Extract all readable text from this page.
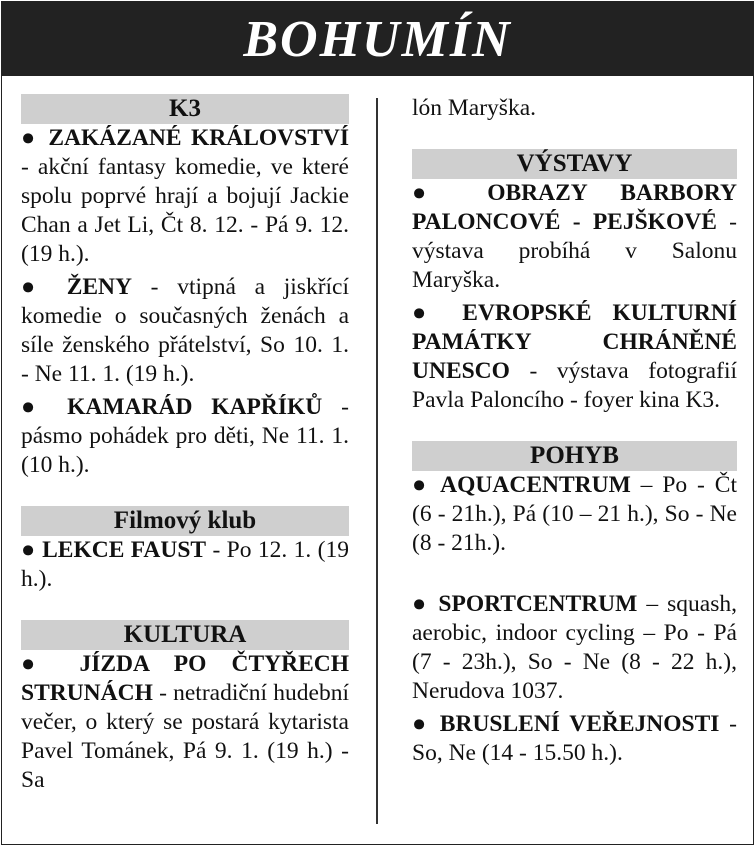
BOHUMÍN
K3

● ZAKÁZANÉ KRÁLOVSTVÍ - akční fantasy komedie, ve které spolu poprvé hrají a bojují Jackie Chan a Jet Li, Čt 8. 12. - Pá 9. 12. (19 h.).

● ŽENY - vtipná a jiskřící komedie o současných ženách a síle ženského přátelství, So 10. 1. - Ne 11. 1. (19 h.).

● KAMARÁD KAPŘÍKŮ - pásmo pohádek pro děti, Ne 11. 1. (10 h.).

Filmový klub

● LEKCE FAUST - Po 12. 1. (19 h.).

KULTURA

● JÍZDA PO ČTYŘECH STRUNÁCH - netradiční hudební večer, o který se postará kytarista Pavel Tománek, Pá 9. 1. (19 h.) - Sa

lón Maryška.

VÝSTAVY

● OBRAZY BARBORY PALONCOVÉ - PEJŠKOVÉ - výstava probíhá v Salonu Maryška.

● EVROPSKÉ KULTURNÍ PAMÁTKY CHRÁNĚNÉ UNESCO - výstava fotografií Pavla Paloncího - foyer kina K3.

POHYB

● AQUACENTRUM – Po - Čt (6 - 21h.), Pá (10 – 21 h.), So - Ne (8 - 21h.).

● SPORTCENTRUM – squash, aerobic, indoor cycling – Po - Pá (7 - 23h.), So - Ne (8 - 22 h.), Nerudova 1037.

● BRUSLENÍ VEŘEJNOSTI - So, Ne (14 - 15.50 h.).
